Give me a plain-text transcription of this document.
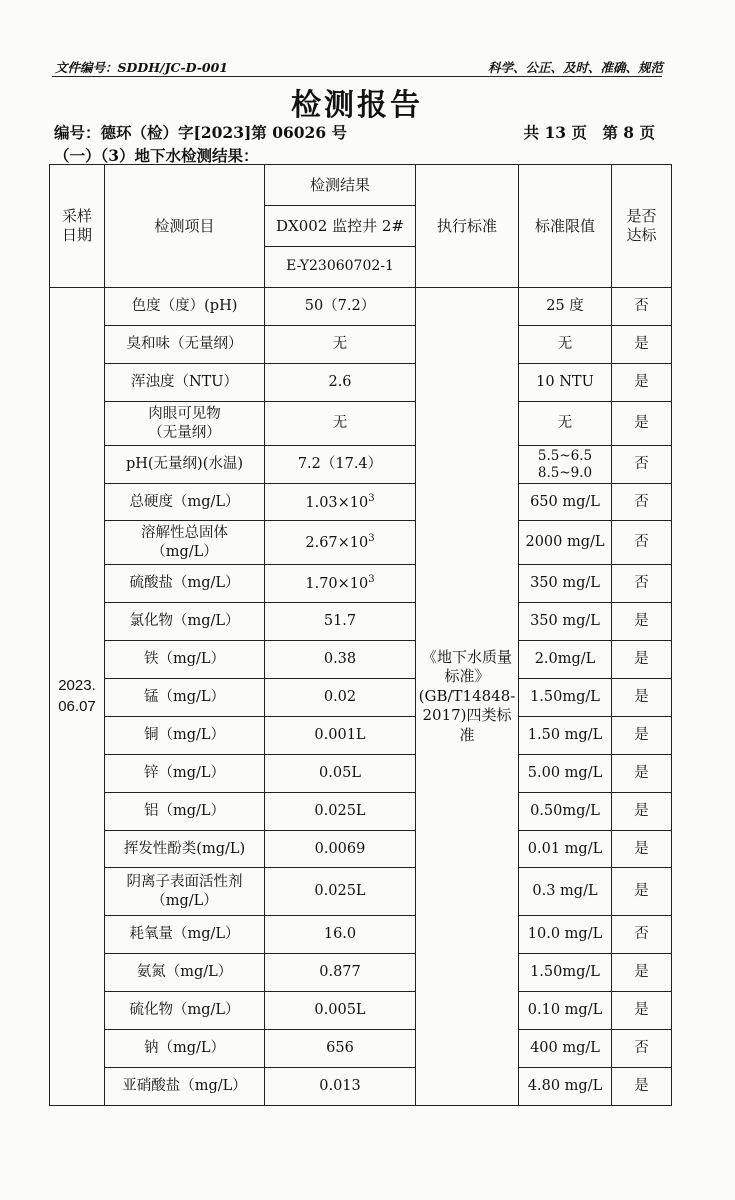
文件编号：SDDH/JC-D-001	科学、公正、及时、准确、规范
检测报告
编号：德环（检）字[2023]第 06026 号	共 13 页　第 8 页
（一）（3）地下水检测结果：
采样日期	检测项目	检测结果	执行标准	标准限值	是否达标
		DX002 监控井 2#			
		E-Y23060702-1			
2023.
06.07	色度（度）(pH)	50（7.2）	《地下水质量标准》(GB/T14848-2017)四类标准	25 度	否
	臭和味（无量纲）	无		无	是
	浑浊度（NTU）	2.6		10 NTU	是
	肉眼可见物
（无量纲）	无		无	是
	pH(无量纲)(水温)	7.2（17.4）		5.5~6.5
8.5~9.0	否
	总硬度（mg/L）	$1.03\times 10^3$		650 mg/L	否
	溶解性总固体
（mg/L）	$2.67\times 10^3$		2000 mg/L	否
	硫酸盐（mg/L）	$1.70\times 10^3$		350 mg/L	否
	氯化物（mg/L）	51.7		350 mg/L	是
	铁（mg/L）	0.38		2.0mg/L	是
	锰（mg/L）	0.02		1.50mg/L	是
	铜（mg/L）	0.001L		1.50 mg/L	是
	锌（mg/L）	0.05L		5.00 mg/L	是
	铝（mg/L）	0.025L		0.50mg/L	是
	挥发性酚类(mg/L)	0.0069		0.01 mg/L	是
	阴离子表面活性剂
（mg/L）	0.025L		0.3 mg/L	是
	耗氧量（mg/L）	16.0		10.0 mg/L	否
	氨氮（mg/L）	0.877		1.50mg/L	是
	硫化物（mg/L）	0.005L		0.10 mg/L	是
	钠（mg/L）	656		400 mg/L	否
	亚硝酸盐（mg/L）	0.013		4.80 mg/L	是
